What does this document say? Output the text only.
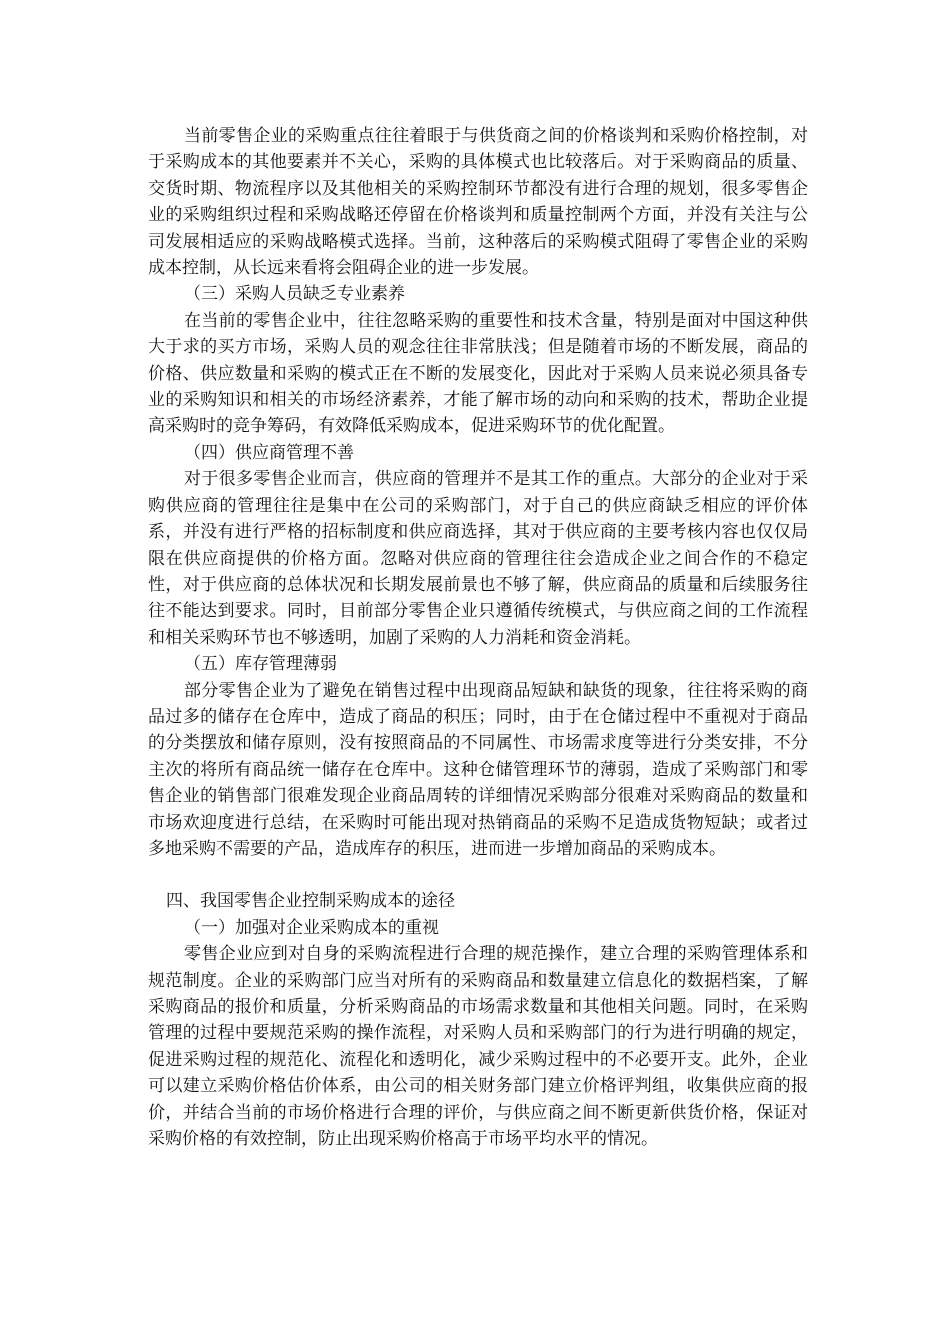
当前零售企业的采购重点往往着眼于与供货商之间的价格谈判和采购价格控制，对于采购成本的其他要素并不关心，采购的具体模式也比较落后。对于采购商品的质量、交货时期、物流程序以及其他相关的采购控制环节都没有进行合理的规划，很多零售企业的采购组织过程和采购战略还停留在价格谈判和质量控制两个方面，并没有关注与公司发展相适应的采购战略模式选择。当前，这种落后的采购模式阻碍了零售企业的采购成本控制，从长远来看将会阻碍企业的进一步发展。

（三）采购人员缺乏专业素养

在当前的零售企业中，往往忽略采购的重要性和技术含量，特别是面对中国这种供大于求的买方市场，采购人员的观念往往非常肤浅；但是随着市场的不断发展，商品的价格、供应数量和采购的模式正在不断的发展变化，因此对于采购人员来说必须具备专业的采购知识和相关的市场经济素养，才能了解市场的动向和采购的技术，帮助企业提高采购时的竞争筹码，有效降低采购成本，促进采购环节的优化配置。

（四）供应商管理不善

对于很多零售企业而言，供应商的管理并不是其工作的重点。大部分的企业对于采购供应商的管理往往是集中在公司的采购部门，对于自己的供应商缺乏相应的评价体系，并没有进行严格的招标制度和供应商选择，其对于供应商的主要考核内容也仅仅局限在供应商提供的价格方面。忽略对供应商的管理往往会造成企业之间合作的不稳定性，对于供应商的总体状况和长期发展前景也不够了解，供应商品的质量和后续服务往往不能达到要求。同时，目前部分零售企业只遵循传统模式，与供应商之间的工作流程和相关采购环节也不够透明，加剧了采购的人力消耗和资金消耗。

（五）库存管理薄弱

部分零售企业为了避免在销售过程中出现商品短缺和缺货的现象，往往将采购的商品过多的储存在仓库中，造成了商品的积压；同时，由于在仓储过程中不重视对于商品的分类摆放和储存原则，没有按照商品的不同属性、市场需求度等进行分类安排，不分主次的将所有商品统一储存在仓库中。这种仓储管理环节的薄弱，造成了采购部门和零售企业的销售部门很难发现企业商品周转的详细情况采购部分很难对采购商品的数量和市场欢迎度进行总结，在采购时可能出现对热销商品的采购不足造成货物短缺；或者过多地采购不需要的产品，造成库存的积压，进而进一步增加商品的采购成本。

四、我国零售企业控制采购成本的途径

（一）加强对企业采购成本的重视

零售企业应到对自身的采购流程进行合理的规范操作，建立合理的采购管理体系和规范制度。企业的采购部门应当对所有的采购商品和数量建立信息化的数据档案，了解采购商品的报价和质量，分析采购商品的市场需求数量和其他相关问题。同时，在采购管理的过程中要规范采购的操作流程，对采购人员和采购部门的行为进行明确的规定，促进采购过程的规范化、流程化和透明化，减少采购过程中的不必要开支。此外，企业可以建立采购价格估价体系，由公司的相关财务部门建立价格评判组，收集供应商的报价，并结合当前的市场价格进行合理的评价，与供应商之间不断更新供货价格，保证对采购价格的有效控制，防止出现采购价格高于市场平均水平的情况。
